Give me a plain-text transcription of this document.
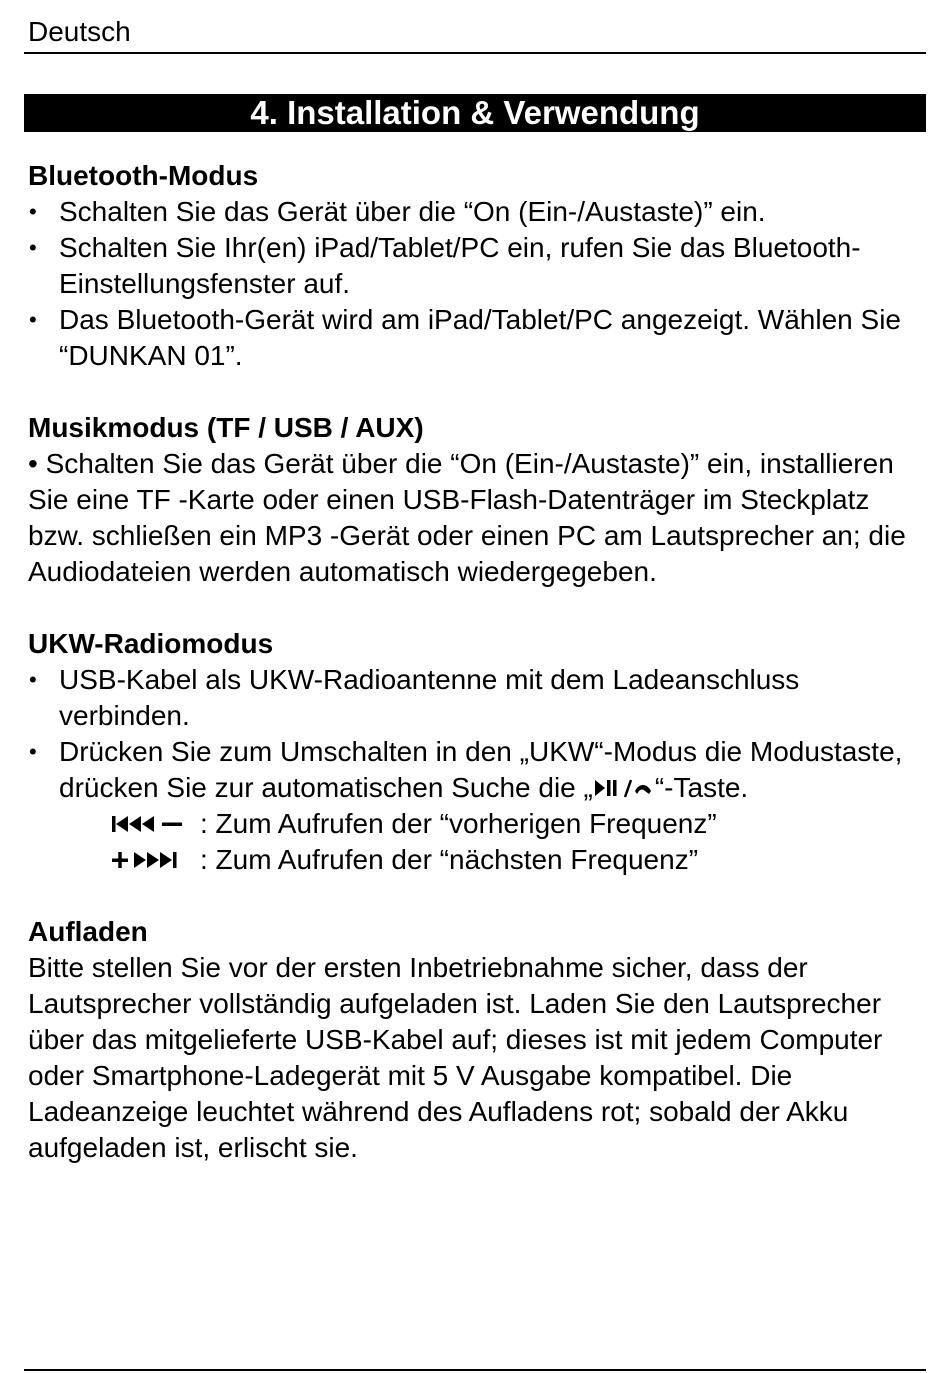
Deutsch
4. Installation & Verwendung
Bluetooth-Modus
• Schalten Sie das Gerät über die “On (Ein-/Austaste)” ein.
• Schalten Sie Ihr(en) iPad/Tablet/PC ein, rufen Sie das Bluetooth-Einstellungsfenster auf.
• Das Bluetooth-Gerät wird am iPad/Tablet/PC angezeigt. Wählen Sie “DUNKAN 01”.
Musikmodus (TF / USB / AUX)

• Schalten Sie das Gerät über die “On (Ein-/Austaste)” ein, installieren Sie eine TF -Karte oder einen USB-Flash-Datenträger im Steckplatz bzw. schließen ein MP3 -Gerät oder einen PC am Lautsprecher an; die Audiodateien werden automatisch wiedergegeben.

UKW-Radiomodus
• USB-Kabel als UKW-Radioantenne mit dem Ladeanschluss verbinden.
• Drücken Sie zum Umschalten in den „UKW“-Modus die Modustaste, drücken Sie zur automatischen Suche die „ “-Taste.
: Zum Aufrufen der “vorherigen Frequenz”
: Zum Aufrufen der “nächsten Frequenz”
Aufladen

Bitte stellen Sie vor der ersten Inbetriebnahme sicher, dass der Lautsprecher vollständig aufgeladen ist. Laden Sie den Lautsprecher über das mitgelieferte USB-Kabel auf; dieses ist mit jedem Computer oder Smartphone-Ladegerät mit 5 V Ausgabe kompatibel. Die Ladeanzeige leuchtet während des Aufladens rot; sobald der Akku aufgeladen ist, erlischt sie.
